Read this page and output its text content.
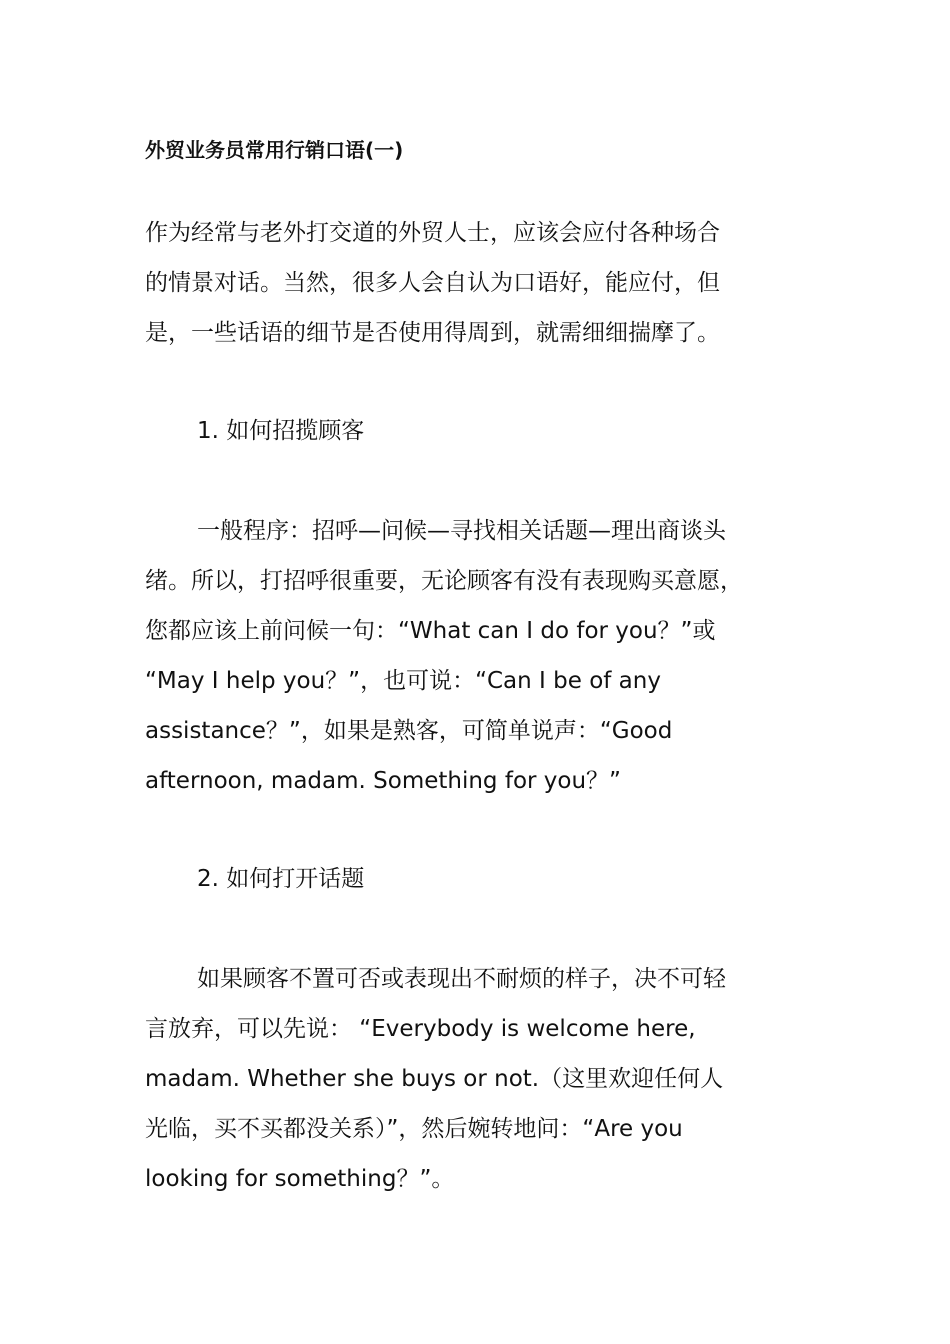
外贸业务员常用行销口语(一)

作为经常与老外打交道的外贸人士，应该会应付各种场合
的情景对话。当然，很多人会自认为口语好，能应付，但
是，一些话语的细节是否使用得周到，就需细细揣摩了。

1. 如何招揽顾客

一般程序：招呼—问候—寻找相关话题—理出商谈头
绪。所以，打招呼很重要，无论顾客有没有表现购买意愿，
您都应该上前问候一句：“What can I do for you？”或
“May I help you？”，也可说：“Can I be of any
assistance？”，如果是熟客，可简单说声：“Good
afternoon, madam. Something for you？”

2. 如何打开话题

如果顾客不置可否或表现出不耐烦的样子，决不可轻
言放弃，可以先说： “Everybody is welcome here,
madam. Whether she buys or not.（这里欢迎任何人
光临，买不买都没关系）”，然后婉转地问：“Are you
looking for something？”。
